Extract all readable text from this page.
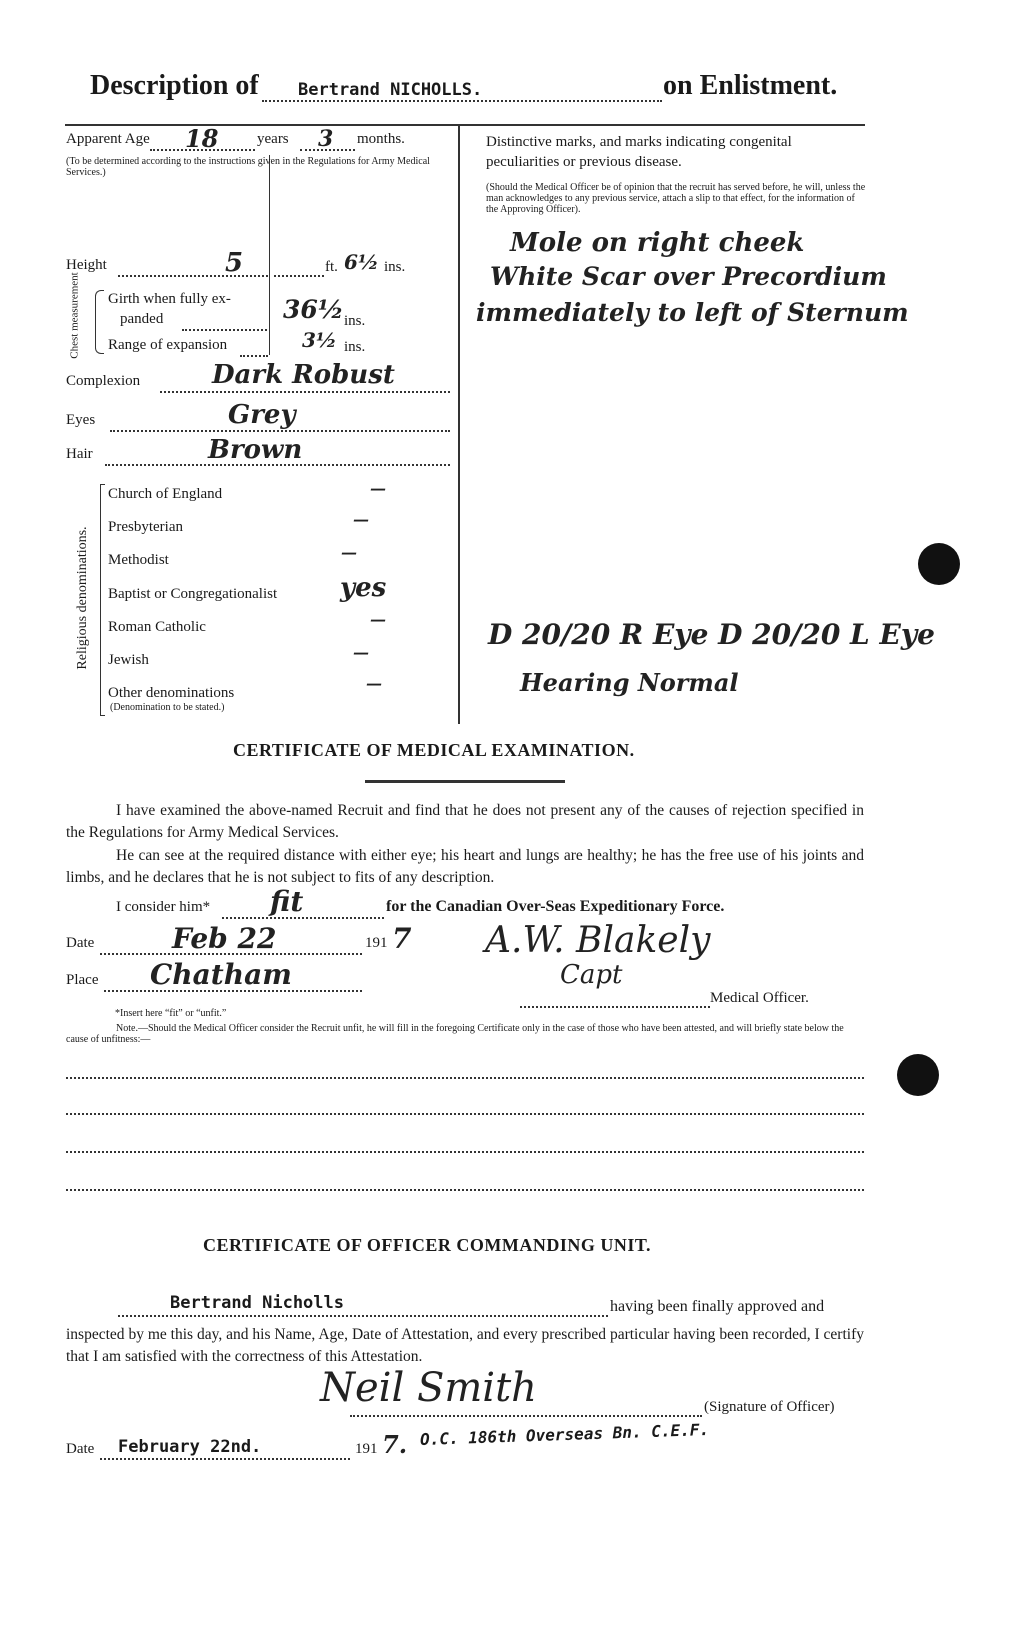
Description of Bertrand NICHOLLS.	on Enlistment.
Apparent Age 18	years 3 months.
(To be determined according to the instructions given in the Regulations for Army Medical Services.)
Height	5	ft. 6½ ins.
Chest measurement Girth when fully ex-
panded	36½ ins.
Range of expansion	3½ ins.
Complexion	Dark Robust
Eyes	Grey
Hair	Brown
Religious denominations.
Church of England	—
Presbyterian	—
Methodist	—
Baptist or Congregationalist yes
Roman Catholic	—
Jewish	—
Other denominations	—
(Denomination to be stated.)
Distinctive marks, and marks indicating congenital
peculiarities or previous disease.
(Should the Medical Officer be of opinion that the recruit has served before, he will, unless the man acknowledges to any previous service, attach a slip to that effect, for the information of the Approving Officer).
Mole on right cheek
White Scar over Precordium
immediately to left of Sternum
D 20/20 R Eye D 20/20 L Eye
Hearing Normal
CERTIFICATE OF MEDICAL EXAMINATION.
I have examined the above-named Recruit and find that he does not present any of the causes of rejection specified in the Regulations for Army Medical Services.
He can see at the required distance with either eye; his heart and lungs are healthy; he has the free use of his joints and limbs, and he declares that he is not subject to fits of any description.
I consider him* fit	for the Canadian Over-Seas Expeditionary Force.
Date	Feb 22	191 7
Place Chatham
A.W. Blakely
Capt
Medical Officer.
*Insert here “fit” or “unfit.”
Note.—Should the Medical Officer consider the Recruit unfit, he will fill in the foregoing Certificate only in the case of those who have been attested, and will briefly state below the cause of unfitness:—
CERTIFICATE OF OFFICER COMMANDING UNIT.
Bertrand Nicholls	having been finally approved and
inspected by me this day, and his Name, Age, Date of Attestation, and every prescribed particular having been recorded, I certify that I am satisfied with the correctness of this Attestation.
Neil Smith	(Signature of Officer)
Date February 22nd.	191 7. O.C. 186th Overseas Bn. C.E.F.
